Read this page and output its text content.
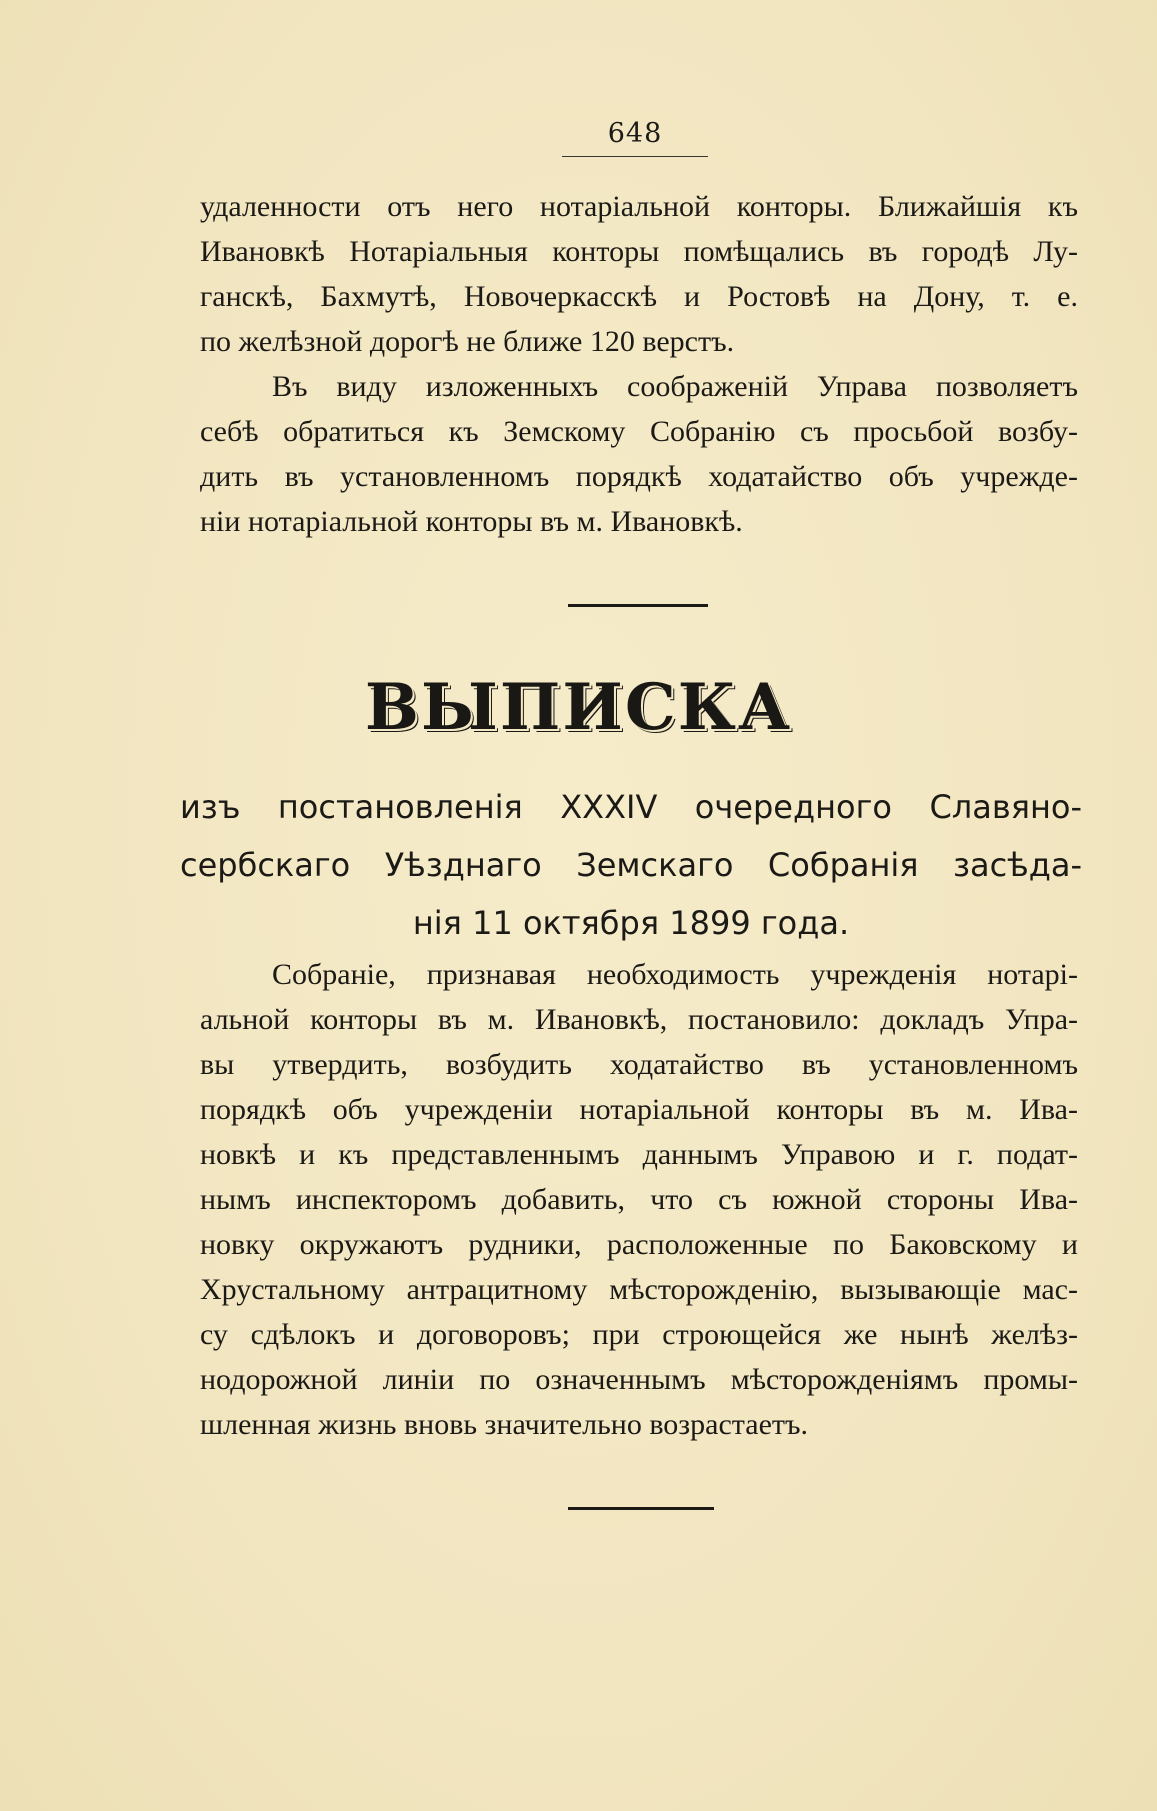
648

удаленности отъ него нотаріальной конторы. Ближайшія къ
Ивановкѣ Нотаріальныя конторы помѣщались въ городѣ Лу-
ганскѣ, Бахмутѣ, Новочеркасскѣ и Ростовѣ на Дону, т. е.
по желѣзной дорогѣ не ближе 120 верстъ.

Въ виду изложенныхъ соображеній Управа позволяетъ
себѣ обратиться къ Земскому Собранію съ просьбой возбу-
дить въ установленномъ порядкѣ ходатайство объ учрежде-
ніи нотаріальной конторы въ м. Ивановкѣ.

ВЫПИСКА

изъ постановленія XXXIV очередного Славяно-
сербскаго Уѣзднаго Земскаго Собранія засѣда-
нія 11 октября 1899 года.

Собраніе, признавая необходимость учрежденія нотарі-
альной конторы въ м. Ивановкѣ, постановило: докладъ Упра-
вы утвердить, возбудить ходатайство въ установленномъ
порядкѣ объ учрежденіи нотаріальной конторы въ м. Ива-
новкѣ и къ представленнымъ даннымъ Управою и г. подат-
нымъ инспекторомъ добавить, что съ южной стороны Ива-
новку окружаютъ рудники, расположенные по Баковскому и
Хрустальному антрацитному мѣсторожденію, вызывающіе мас-
су сдѣлокъ и договоровъ; при строющейся же нынѣ желѣз-
нодорожной линіи по означеннымъ мѣсторожденіямъ промы-
шленная жизнь вновь значительно возрастаетъ.
